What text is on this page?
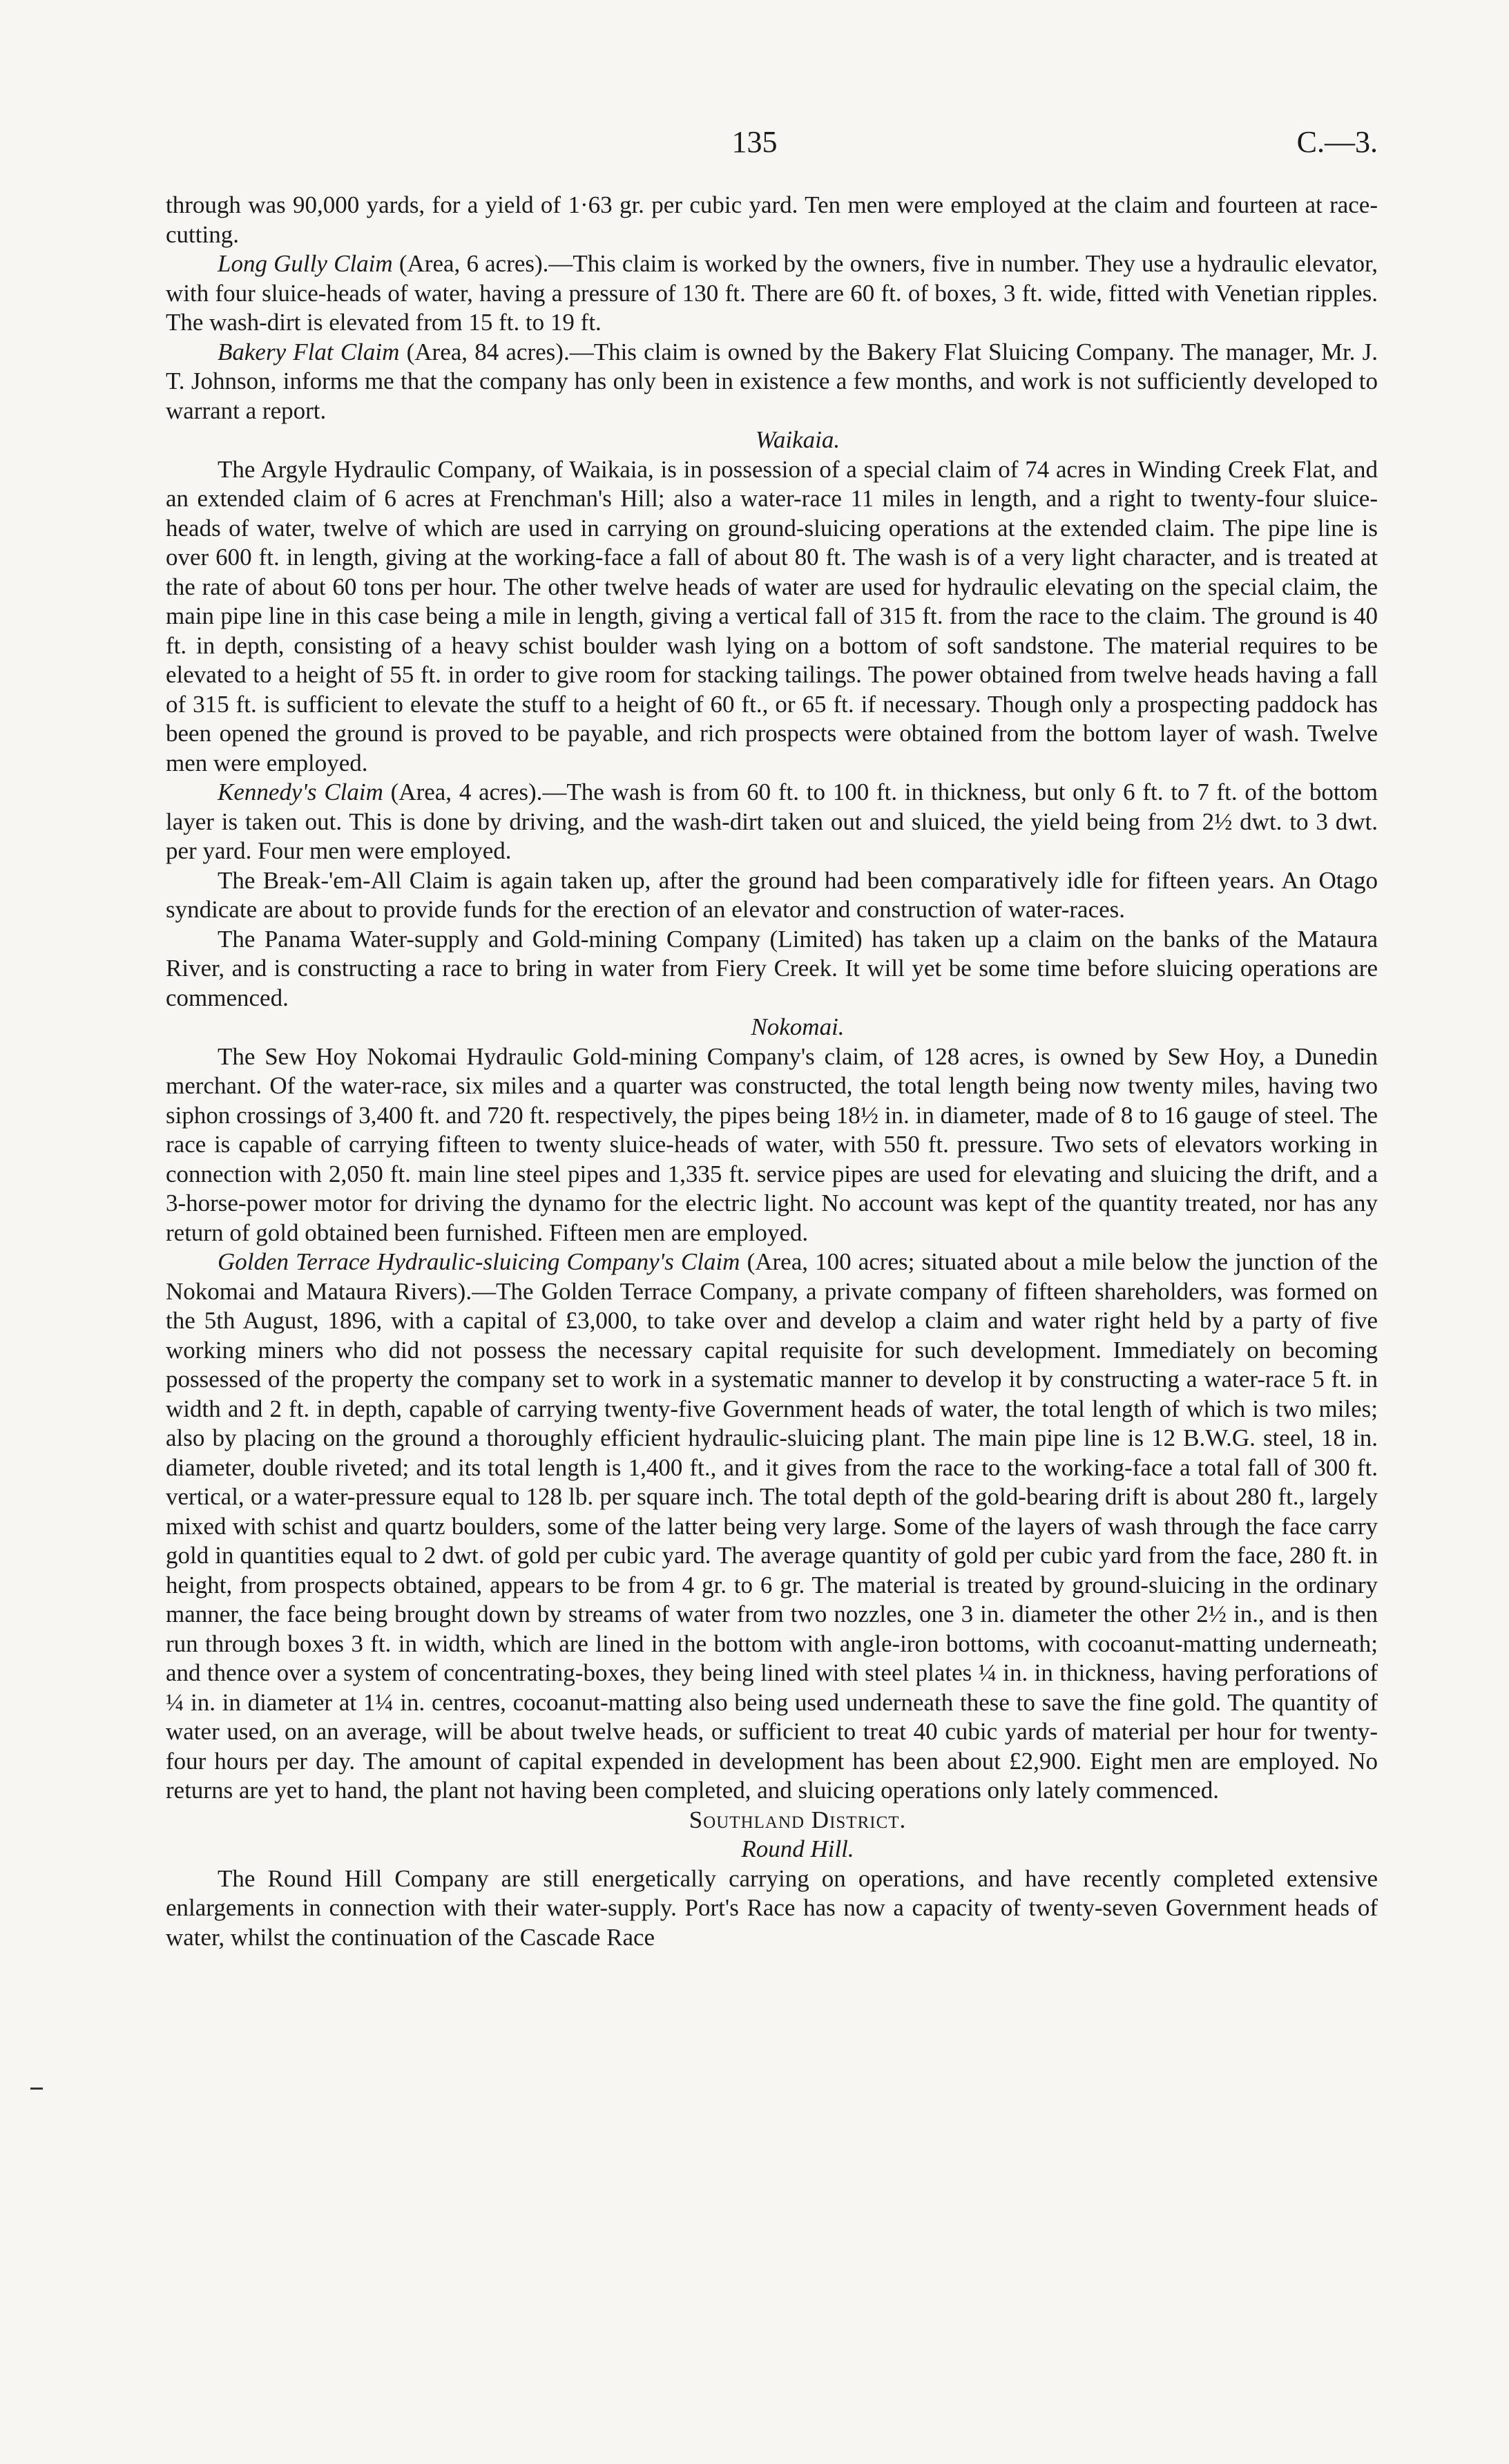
135	C.—3.

through was 90,000 yards, for a yield of 1·63 gr. per cubic yard. Ten men were employed at the claim and fourteen at race-cutting.

Long Gully Claim (Area, 6 acres).—This claim is worked by the owners, five in number. They use a hydraulic elevator, with four sluice-heads of water, having a pressure of 130 ft. There are 60 ft. of boxes, 3 ft. wide, fitted with Venetian ripples. The wash-dirt is elevated from 15 ft. to 19 ft.

Bakery Flat Claim (Area, 84 acres).—This claim is owned by the Bakery Flat Sluicing Company. The manager, Mr. J. T. Johnson, informs me that the company has only been in existence a few months, and work is not sufficiently developed to warrant a report.

Waikaia.

The Argyle Hydraulic Company, of Waikaia, is in possession of a special claim of 74 acres in Winding Creek Flat, and an extended claim of 6 acres at Frenchman's Hill; also a water-race 11 miles in length, and a right to twenty-four sluice-heads of water, twelve of which are used in carrying on ground-sluicing operations at the extended claim. The pipe line is over 600 ft. in length, giving at the working-face a fall of about 80 ft. The wash is of a very light character, and is treated at the rate of about 60 tons per hour. The other twelve heads of water are used for hydraulic elevating on the special claim, the main pipe line in this case being a mile in length, giving a vertical fall of 315 ft. from the race to the claim. The ground is 40 ft. in depth, consisting of a heavy schist boulder wash lying on a bottom of soft sandstone. The material requires to be elevated to a height of 55 ft. in order to give room for stacking tailings. The power obtained from twelve heads having a fall of 315 ft. is sufficient to elevate the stuff to a height of 60 ft., or 65 ft. if necessary. Though only a prospecting paddock has been opened the ground is proved to be payable, and rich prospects were obtained from the bottom layer of wash. Twelve men were employed.

Kennedy's Claim (Area, 4 acres).—The wash is from 60 ft. to 100 ft. in thickness, but only 6 ft. to 7 ft. of the bottom layer is taken out. This is done by driving, and the wash-dirt taken out and sluiced, the yield being from 2½ dwt. to 3 dwt. per yard. Four men were employed.

The Break-'em-All Claim is again taken up, after the ground had been comparatively idle for fifteen years. An Otago syndicate are about to provide funds for the erection of an elevator and construction of water-races.

The Panama Water-supply and Gold-mining Company (Limited) has taken up a claim on the banks of the Mataura River, and is constructing a race to bring in water from Fiery Creek. It will yet be some time before sluicing operations are commenced.

Nokomai.

The Sew Hoy Nokomai Hydraulic Gold-mining Company's claim, of 128 acres, is owned by Sew Hoy, a Dunedin merchant. Of the water-race, six miles and a quarter was constructed, the total length being now twenty miles, having two siphon crossings of 3,400 ft. and 720 ft. respectively, the pipes being 18½ in. in diameter, made of 8 to 16 gauge of steel. The race is capable of carrying fifteen to twenty sluice-heads of water, with 550 ft. pressure. Two sets of elevators working in connection with 2,050 ft. main line steel pipes and 1,335 ft. service pipes are used for elevating and sluicing the drift, and a 3-horse-power motor for driving the dynamo for the electric light. No account was kept of the quantity treated, nor has any return of gold obtained been furnished. Fifteen men are employed.

Golden Terrace Hydraulic-sluicing Company's Claim (Area, 100 acres; situated about a mile below the junction of the Nokomai and Mataura Rivers).—The Golden Terrace Company, a private company of fifteen shareholders, was formed on the 5th August, 1896, with a capital of £3,000, to take over and develop a claim and water right held by a party of five working miners who did not possess the necessary capital requisite for such development. Immediately on becoming possessed of the property the company set to work in a systematic manner to develop it by constructing a water-race 5 ft. in width and 2 ft. in depth, capable of carrying twenty-five Government heads of water, the total length of which is two miles; also by placing on the ground a thoroughly efficient hydraulic-sluicing plant. The main pipe line is 12 B.W.G. steel, 18 in. diameter, double riveted; and its total length is 1,400 ft., and it gives from the race to the working-face a total fall of 300 ft. vertical, or a water-pressure equal to 128 lb. per square inch. The total depth of the gold-bearing drift is about 280 ft., largely mixed with schist and quartz boulders, some of the latter being very large. Some of the layers of wash through the face carry gold in quantities equal to 2 dwt. of gold per cubic yard. The average quantity of gold per cubic yard from the face, 280 ft. in height, from prospects obtained, appears to be from 4 gr. to 6 gr. The material is treated by ground-sluicing in the ordinary manner, the face being brought down by streams of water from two nozzles, one 3 in. diameter the other 2½ in., and is then run through boxes 3 ft. in width, which are lined in the bottom with angle-iron bottoms, with cocoanut-matting underneath; and thence over a system of concentrating-boxes, they being lined with steel plates ¼ in. in thickness, having perforations of ¼ in. in diameter at 1¼ in. centres, cocoanut-matting also being used underneath these to save the fine gold. The quantity of water used, on an average, will be about twelve heads, or sufficient to treat 40 cubic yards of material per hour for twenty-four hours per day. The amount of capital expended in development has been about £2,900. Eight men are employed. No returns are yet to hand, the plant not having been completed, and sluicing operations only lately commenced.

Southland District.

Round Hill.

The Round Hill Company are still energetically carrying on operations, and have recently completed extensive enlargements in connection with their water-supply. Port's Race has now a capacity of twenty-seven Government heads of water, whilst the continuation of the Cascade Race
